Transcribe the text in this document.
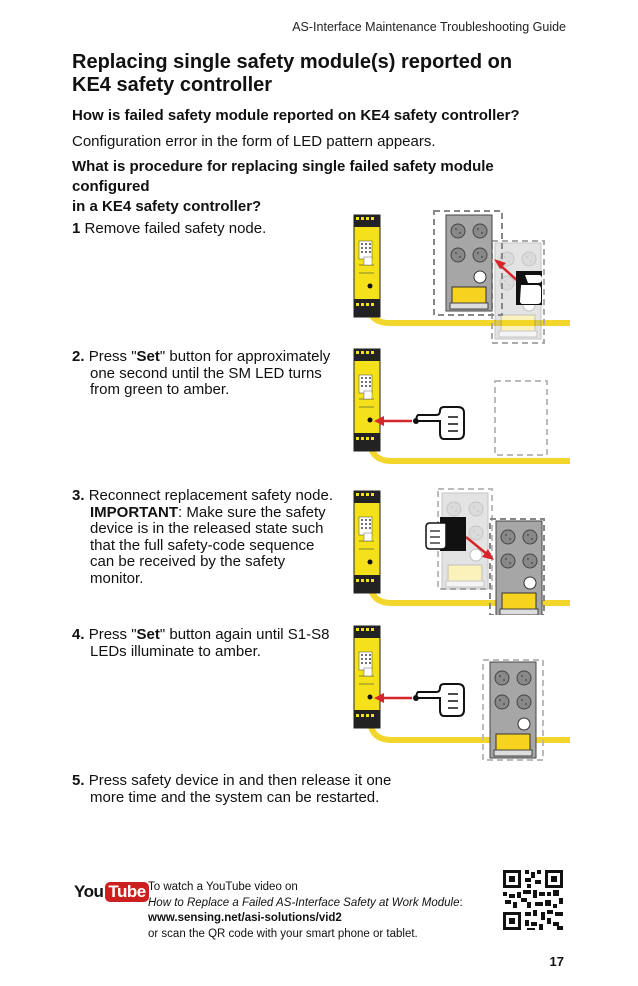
AS-Interface Maintenance Troubleshooting Guide
Replacing single safety module(s) reported on
KE4 safety controller
How is failed safety module reported on KE4 safety controller?
Configuration error in the form of LED pattern appears.
What is procedure for replacing single failed safety module configured
in a KE4 safety controller?
1 Remove failed safety node.
2. Press "Set" button for approximately
one second until the SM LED turns
from green to amber.
3. Reconnect replacement safety node.
IMPORTANT: Make sure the safety
device is in the released state such
that the full safety-code sequence
can be received by the safety
monitor.
4. Press "Set" button again until S1-S8
LEDs illuminate to amber.
5. Press safety device in and then release it one
more time and the system can be restarted.
You Tube To watch a YouTube video on
How to Replace a Failed AS-Interface Safety at Work Module:
www.sensing.net/asi-solutions/vid2
or scan the QR code with your smart phone or tablet.
17
